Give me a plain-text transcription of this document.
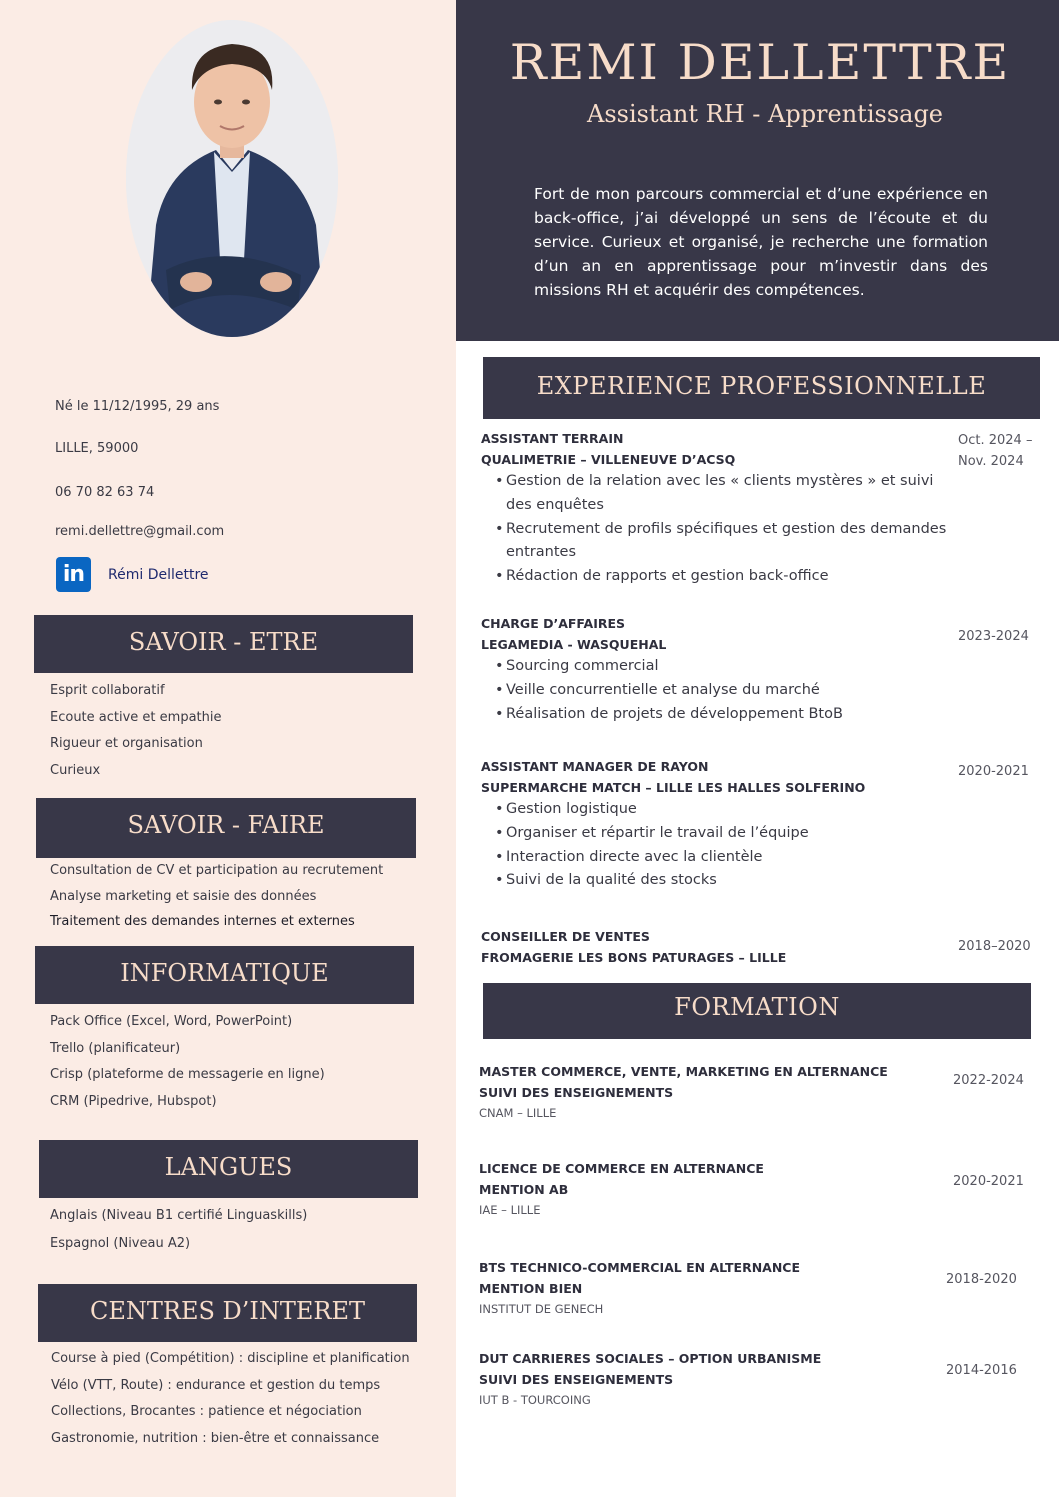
REMI DELLETTRE
Assistant RH - Apprentissage
Fort de mon parcours commercial et d’une expérience en back-office, j’ai développé un sens de l’écoute et du service. Curieux et organisé, je recherche une formation d’un an en apprentissage pour m’investir dans des missions RH et acquérir des compétences.
Né le 11/12/1995, 29 ans
LILLE, 59000
06 70 82 63 74
remi.dellettre@gmail.com
in	Rémi Dellettre
SAVOIR - ETRE
Esprit collaboratif
Ecoute active et empathie
Rigueur et organisation
Curieux
SAVOIR - FAIRE
Consultation de CV et participation au recrutement
Analyse marketing et saisie des données
Traitement des demandes internes et externes
INFORMATIQUE
Pack Office (Excel, Word, PowerPoint)
Trello (planificateur)
Crisp (plateforme de messagerie en ligne)
CRM (Pipedrive, Hubspot)
LANGUES
Anglais (Niveau B1 certifié Linguaskills)
Espagnol (Niveau A2)
CENTRES D’INTERET
Course à pied (Compétition) : discipline et planification
Vélo (VTT, Route) : endurance et gestion du temps
Collections, Brocantes : patience et négociation
Gastronomie, nutrition : bien-être et connaissance
EXPERIENCE PROFESSIONNELLE
ASSISTANT TERRAIN
QUALIMETRIE – VILLENEUVE D’ACSQ
• Gestion de la relation avec les « clients mystères » et suivi des enquêtes
• Recrutement de profils spécifiques et gestion des demandes entrantes
• Rédaction de rapports et gestion back-office
Oct. 2024 –
Nov. 2024
CHARGE D’AFFAIRES
LEGAMEDIA - WASQUEHAL
• Sourcing commercial
• Veille concurrentielle et analyse du marché
• Réalisation de projets de développement BtoB
2023-2024
ASSISTANT MANAGER DE RAYON
SUPERMARCHE MATCH – LILLE LES HALLES SOLFERINO
• Gestion logistique
• Organiser et répartir le travail de l’équipe
• Interaction directe avec la clientèle
• Suivi de la qualité des stocks
2020-2021
CONSEILLER DE VENTES
FROMAGERIE LES BONS PATURAGES – LILLE
2018–2020
FORMATION
MASTER COMMERCE, VENTE, MARKETING EN ALTERNANCE
SUIVI DES ENSEIGNEMENTS
CNAM – LILLE
2022-2024
LICENCE DE COMMERCE EN ALTERNANCE
MENTION AB
IAE – LILLE
2020-2021
BTS TECHNICO-COMMERCIAL EN ALTERNANCE
MENTION BIEN
INSTITUT DE GENECH
2018-2020
DUT CARRIERES SOCIALES – OPTION URBANISME
SUIVI DES ENSEIGNEMENTS
IUT B - TOURCOING
2014-2016
